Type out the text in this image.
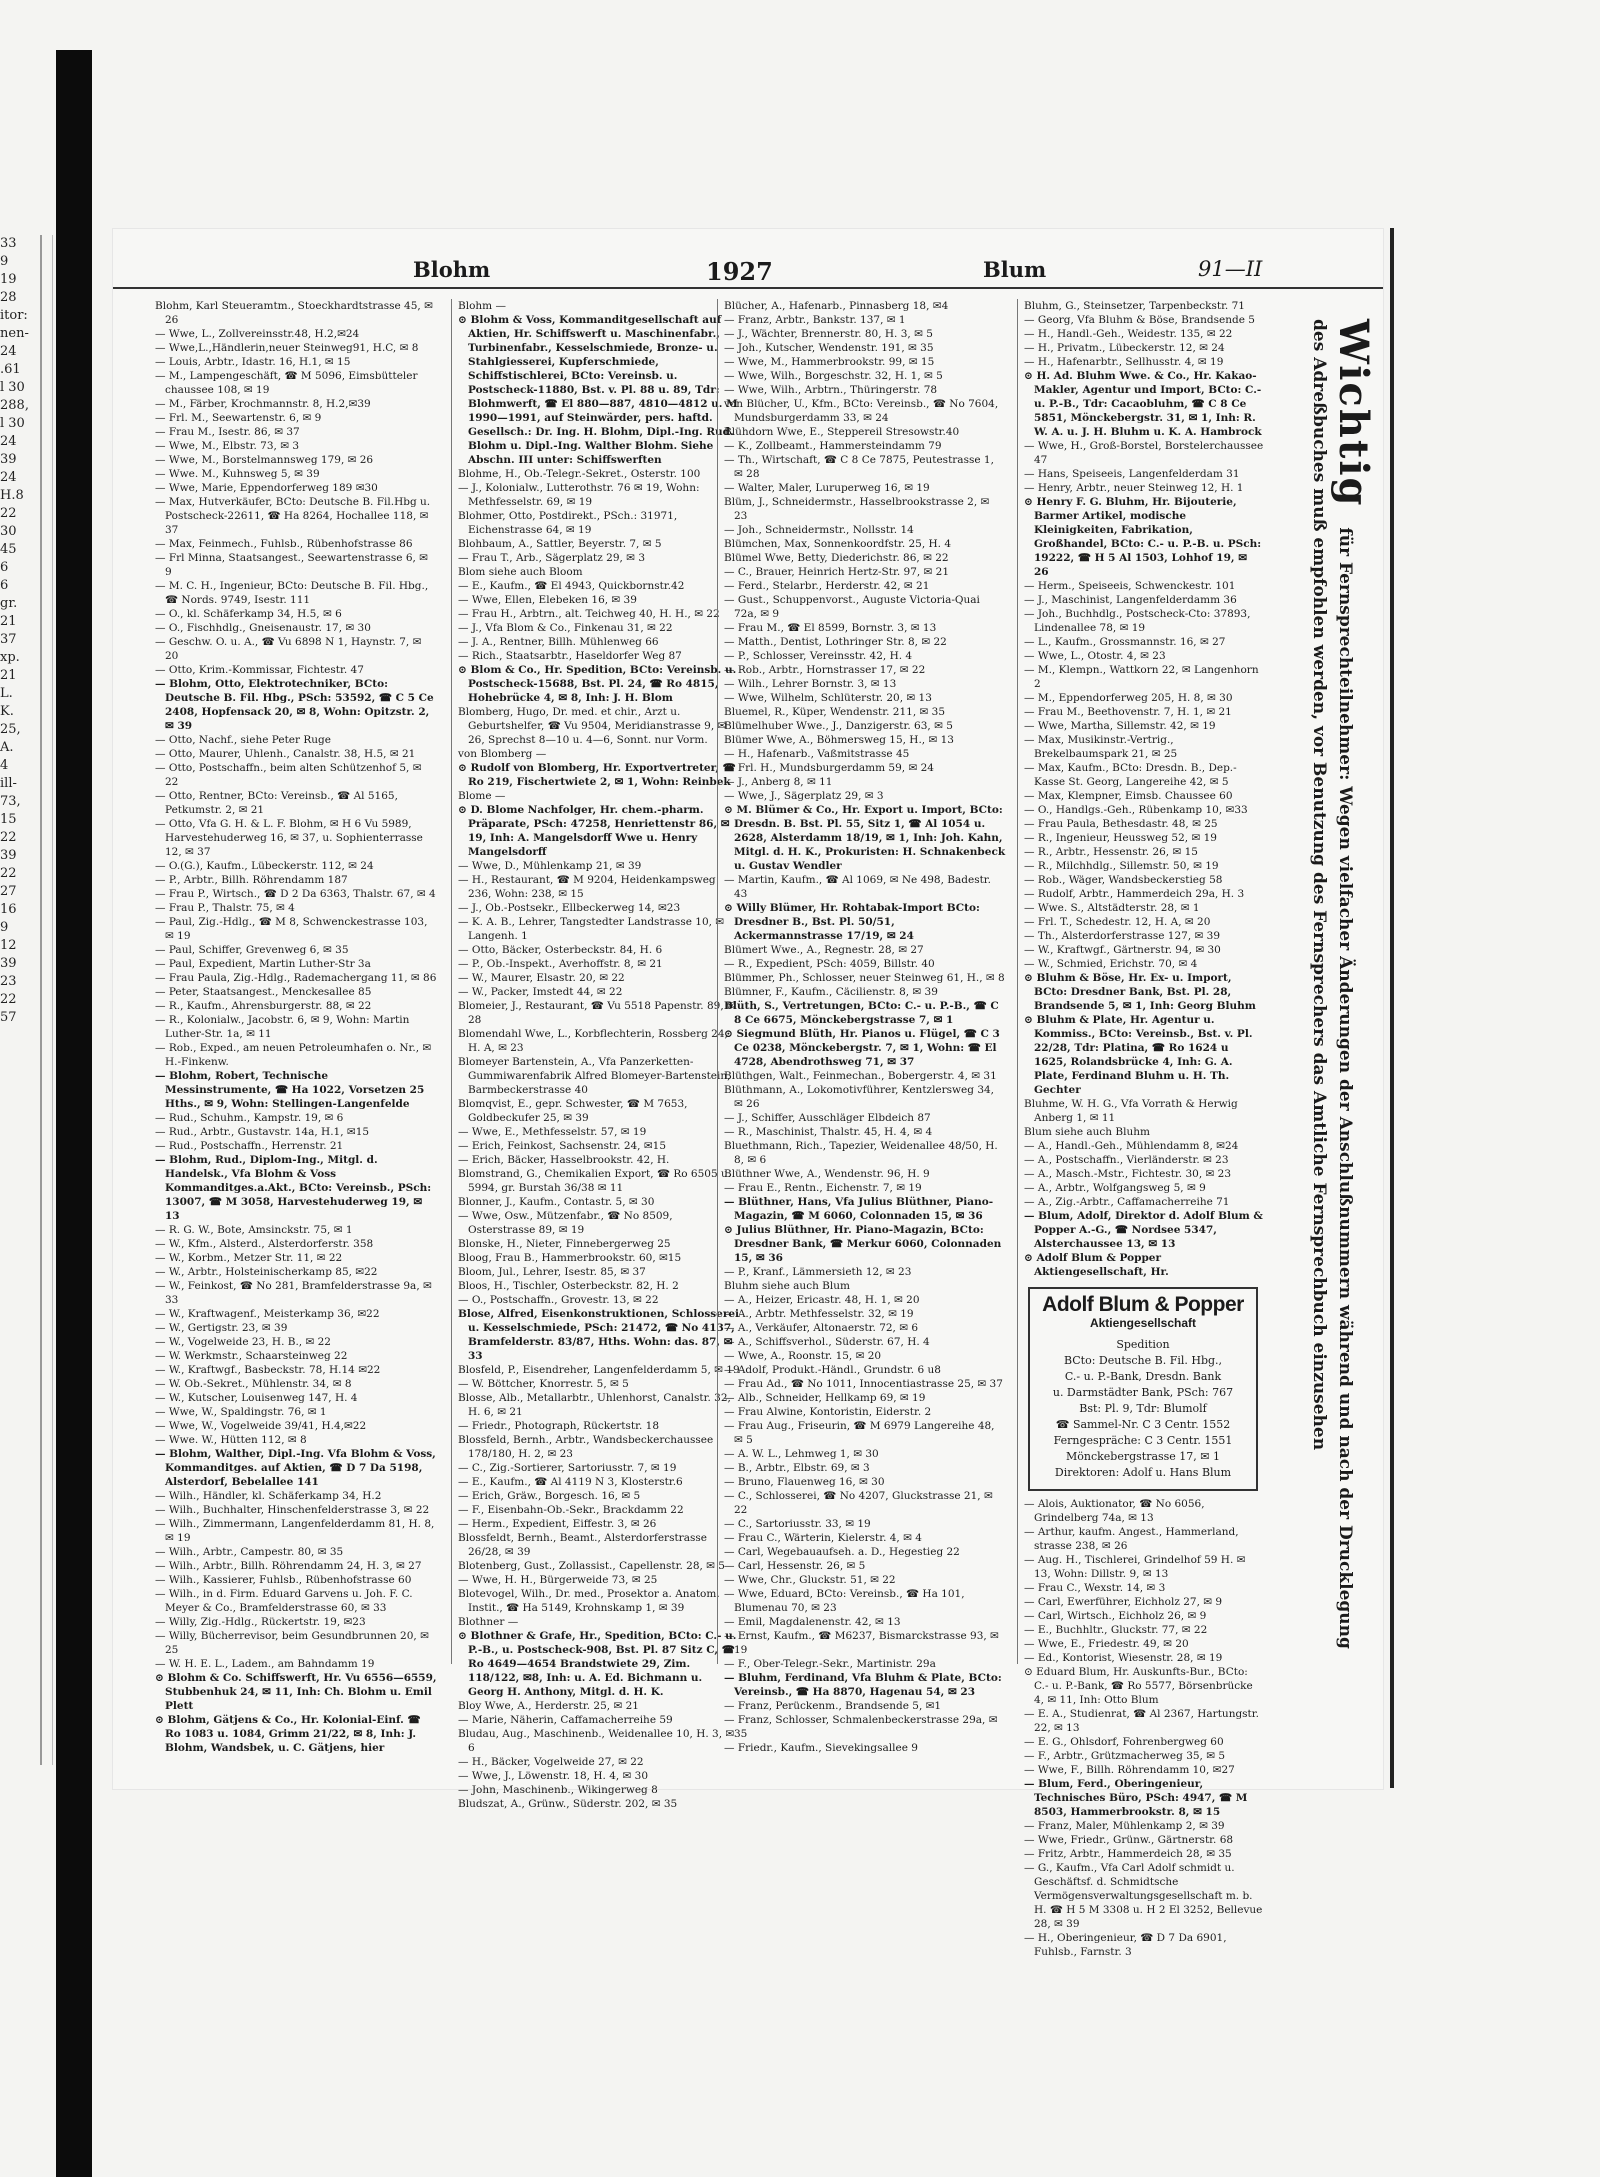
33
9
19
28
itor:
nen-
24
.61
l 30
288,
l 30
24
39
24
H.8
22
30
45
6
6
gr.
21
37
xp.
21
L.
K.
25,
A.
4
ill-
73,
15
22
39
22
27
16
9
12
39
23
22
57
Blohm	1927	Blum	91—II

Blohm, Karl Steueramtm., Stoeckhardtstrasse 45, ✉ 26

— Wwe, L., Zollvereinsstr.48, H.2,✉24

— Wwe,L.,Händlerin,neuer Steinweg91, H.C, ✉ 8

— Louis, Arbtr., Idastr. 16, H.1, ✉ 15

— M., Lampengeschäft, ☎ M 5096, Eimsbütteler chaussee 108, ✉ 19

— M., Färber, Krochmannstr. 8, H.2,✉39

— Frl. M., Seewartenstr. 6, ✉ 9

— Frau M., Isestr. 86, ✉ 37

— Wwe, M., Elbstr. 73, ✉ 3

— Wwe, M., Borstelmannsweg 179, ✉ 26

— Wwe. M., Kuhnsweg 5, ✉ 39

— Wwe, Marie, Eppendorferweg 189 ✉30

— Max, Hutverkäufer, BCto: Deutsche B. Fil.Hbg u. Postscheck-22611, ☎ Ha 8264, Hochallee 118, ✉ 37

— Max, Feinmech., Fuhlsb., Rübenhofstrasse 86

— Frl Minna, Staatsangest., Seewartenstrasse 6, ✉ 9

— M. C. H., Ingenieur, BCto: Deutsche B. Fil. Hbg., ☎ Nords. 9749, Isestr. 111

— O., kl. Schäferkamp 34, H.5, ✉ 6

— O., Fischhdlg., Gneisenaustr. 17, ✉ 30

— Geschw. O. u. A., ☎ Vu 6898 N 1, Haynstr. 7, ✉ 20

— Otto, Krim.-Kommissar, Fichtestr. 47

— Blohm, Otto, Elektrotechniker, BCto: Deutsche B. Fil. Hbg., PSch: 53592, ☎ C 5 Ce 2408, Hopfensack 20, ✉ 8, Wohn: Opitzstr. 2, ✉ 39

— Otto, Nachf., siehe Peter Ruge

— Otto, Maurer, Uhlenh., Canalstr. 38, H.5, ✉ 21

— Otto, Postschaffn., beim alten Schützenhof 5, ✉ 22

— Otto, Rentner, BCto: Vereinsb., ☎ Al 5165, Petkumstr. 2, ✉ 21

— Otto, Vfa G. H. & L. F. Blohm, ✉ H 6 Vu 5989, Harvestehuderweg 16, ✉ 37, u. Sophienterrasse 12, ✉ 37

— O.(G.), Kaufm., Lübeckerstr. 112, ✉ 24

— P., Arbtr., Billh. Röhrendamm 187

— Frau P., Wirtsch., ☎ D 2 Da 6363, Thalstr. 67, ✉ 4

— Frau P., Thalstr. 75, ✉ 4

— Paul, Zig.-Hdlg., ☎ M 8, Schwenckestrasse 103, ✉ 19

— Paul, Schiffer, Grevenweg 6, ✉ 35

— Paul, Expedient, Martin Luther-Str 3a

— Frau Paula, Zig.-Hdlg., Rademachergang 11, ✉ 86

— Peter, Staatsangest., Menckesallee 85

— R., Kaufm., Ahrensburgerstr. 88, ✉ 22

— R., Kolonialw., Jacobstr. 6, ✉ 9, Wohn: Martin Luther-Str. 1a, ✉ 11

— Rob., Exped., am neuen Petroleumhafen o. Nr., ✉ H.-Finkenw.

— Blohm, Robert, Technische Messinstrumente, ☎ Ha 1022, Vorsetzen 25 Hths., ✉ 9, Wohn: Stellingen-Langenfelde

— Rud., Schuhm., Kampstr. 19, ✉ 6

— Rud., Arbtr., Gustavstr. 14a, H.1, ✉15

— Rud., Postschaffn., Herrenstr. 21

— Blohm, Rud., Diplom-Ing., Mitgl. d. Handelsk., Vfa Blohm & Voss Kommanditges.a.Akt., BCto: Vereinsb., PSch: 13007, ☎ M 3058, Harvestehuderweg 19, ✉ 13

— R. G. W., Bote, Amsinckstr. 75, ✉ 1

— W., Kfm., Alsterd., Alsterdorferstr. 358

— W., Korbm., Metzer Str. 11, ✉ 22

— W., Arbtr., Holsteinischerkamp 85, ✉22

— W., Feinkost, ☎ No 281, Bramfelderstrasse 9a, ✉ 33

— W., Kraftwagenf., Meisterkamp 36, ✉22

— W., Gertigstr. 23, ✉ 39

— W., Vogelweide 23, H. B., ✉ 22

— W. Werkmstr., Schaarsteinweg 22

— W., Kraftwgf., Basbeckstr. 78, H.14 ✉22

— W. Ob.-Sekret., Mühlenstr. 34, ✉ 8

— W., Kutscher, Louisenweg 147, H. 4

— Wwe, W., Spaldingstr. 76, ✉ 1

— Wwe, W., Vogelweide 39/41, H.4,✉22

— Wwe. W., Hütten 112, ✉ 8

— Blohm, Walther, Dipl.-Ing. Vfa Blohm & Voss, Kommanditges. auf Aktien, ☎ D 7 Da 5198, Alsterdorf, Bebelallee 141

— Wilh., Händler, kl. Schäferkamp 34, H.2

— Wilh., Buchhalter, Hinschenfelderstrasse 3, ✉ 22

— Wilh., Zimmermann, Langenfelderdamm 81, H. 8, ✉ 19

— Wilh., Arbtr., Campestr. 80, ✉ 35

— Wilh., Arbtr., Billh. Röhrendamm 24, H. 3, ✉ 27

— Wilh., Kassierer, Fuhlsb., Rübenhofstrasse 60

— Wilh., in d. Firm. Eduard Garvens u. Joh. F. C. Meyer & Co., Bramfelderstrasse 60, ✉ 33

— Willy, Zig.-Hdlg., Rückertstr. 19, ✉23

— Willy, Bücherrevisor, beim Gesundbrunnen 20, ✉ 25

— W. H. E. L., Ladem., am Bahndamm 19

⊙ Blohm & Co. Schiffswerft, Hr. Vu 6556—6559, Stubbenhuk 24, ✉ 11, Inh: Ch. Blohm u. Emil Plett

⊙ Blohm, Gätjens & Co., Hr. Kolonial-Einf. ☎ Ro 1083 u. 1084, Grimm 21/22, ✉ 8, Inh: J. Blohm, Wandsbek, u. C. Gätjens, hier

Blohm —

⊙ Blohm & Voss, Kommanditgesellschaft auf Aktien, Hr. Schiffswerft u. Maschinenfabr., Turbinenfabr., Kesselschmiede, Bronze- u. Stahlgiesserei, Kupferschmiede, Schiffstischlerei, BCto: Vereinsb. u. Postscheck-11880, Bst. v. Pl. 88 u. 89, Tdr: Blohmwerft, ☎ El 880—887, 4810—4812 u. M 1990—1991, auf Steinwärder, pers. haftd. Gesellsch.: Dr. Ing. H. Blohm, Dipl.-Ing. Rud. Blohm u. Dipl.-Ing. Walther Blohm. Siehe Abschn. III unter: Schiffswerften

Blohme, H., Ob.-Telegr.-Sekret., Osterstr. 100

— J., Kolonialw., Lutterothstr. 76 ✉ 19, Wohn: Methfesselstr. 69, ✉ 19

Blohmer, Otto, Postdirekt., PSch.: 31971, Eichenstrasse 64, ✉ 19

Blohbaum, A., Sattler, Beyerstr. 7, ✉ 5

— Frau T., Arb., Sägerplatz 29, ✉ 3

Blom siehe auch Bloom

— E., Kaufm., ☎ El 4943, Quickbornstr.42

— Wwe, Ellen, Elebeken 16, ✉ 39

— Frau H., Arbtrn., alt. Teichweg 40, H. H., ✉ 22

— J., Vfa Blom & Co., Finkenau 31, ✉ 22

— J. A., Rentner, Billh. Mühlenweg 66

— Rich., Staatsarbtr., Haseldorfer Weg 87

⊙ Blom & Co., Hr. Spedition, BCto: Vereinsb. u. Postscheck-15688, Bst. Pl. 24, ☎ Ro 4815, Hohebrücke 4, ✉ 8, Inh: J. H. Blom

Blomberg, Hugo, Dr. med. et chir., Arzt u. Geburtshelfer, ☎ Vu 9504, Meridianstrasse 9, ✉ 26, Sprechst 8—10 u. 4—6, Sonnt. nur Vorm.

von Blomberg —

⊙ Rudolf von Blomberg, Hr. Exportvertreter, ☎ Ro 219, Fischertwiete 2, ✉ 1, Wohn: Reinbek

Blome —

⊙ D. Blome Nachfolger, Hr. chem.-pharm. Präparate, PSch: 47258, Henriettenstr 86, ✉ 19, Inh: A. Mangelsdorff Wwe u. Henry Mangelsdorff

— Wwe, D., Mühlenkamp 21, ✉ 39

— H., Restaurant, ☎ M 9204, Heidenkampsweg 236, Wohn: 238, ✉ 15

— J., Ob.-Postsekr., Ellbeckerweg 14, ✉23

— K. A. B., Lehrer, Tangstedter Landstrasse 10, ✉ Langenh. 1

— Otto, Bäcker, Osterbeckstr. 84, H. 6

— P., Ob.-Inspekt., Averhoffstr. 8, ✉ 21

— W., Maurer, Elsastr. 20, ✉ 22

— W., Packer, Imstedt 44, ✉ 22

Blomeier, J., Restaurant, ☎ Vu 5518 Papenstr. 89, ✉ 28

Blomendahl Wwe, L., Korbflechterin, Rossberg 24, H. A, ✉ 23

Blomeyer Bartenstein, A., Vfa Panzerketten-Gummiwarenfabrik Alfred Blomeyer-Bartenstein, Barmbeckerstrasse 40

Blomqvist, E., gepr. Schwester, ☎ M 7653, Goldbeckufer 25, ✉ 39

— Wwe, E., Methfesselstr. 57, ✉ 19

— Erich, Feinkost, Sachsenstr. 24, ✉15

— Erich, Bäcker, Hasselbrookstr. 42, H.

Blomstrand, G., Chemikalien Export, ☎ Ro 6505 u. 5994, gr. Burstah 36/38 ✉ 11

Blonner, J., Kaufm., Contastr. 5, ✉ 30

— Wwe, Osw., Mützenfabr., ☎ No 8509, Osterstrasse 89, ✉ 19

Blonske, H., Nieter, Finnebergerweg 25

Bloog, Frau B., Hammerbrookstr. 60, ✉15

Bloom, Jul., Lehrer, Isestr. 85, ✉ 37

Bloos, H., Tischler, Osterbeckstr. 82, H. 2

— O., Postschaffn., Grovestr. 13, ✉ 22

Blose, Alfred, Eisenkonstruktionen, Schlosserei u. Kesselschmiede, PSch: 21472, ☎ No 4137, Bramfelderstr. 83/87, Hths. Wohn: das. 87, ✉ 33

Blosfeld, P., Eisendreher, Langenfelderdamm 5, ✉ 19

— W. Böttcher, Knorrestr. 5, ✉ 5

Blosse, Alb., Metallarbtr., Uhlenhorst, Canalstr. 32, H. 6, ✉ 21

— Friedr., Photograph, Rückertstr. 18

Blossfeld, Bernh., Arbtr., Wandsbeckerchaussee 178/180, H. 2, ✉ 23

— C., Zig.-Sortierer, Sartoriusstr. 7, ✉ 19

— E., Kaufm., ☎ Al 4119 N 3, Klosterstr.6

— Erich, Gräw., Borgesch. 16, ✉ 5

— F., Eisenbahn-Ob.-Sekr., Brackdamm 22

— Herm., Expedient, Eiffestr. 3, ✉ 26

Blossfeldt, Bernh., Beamt., Alsterdorferstrasse 26/28, ✉ 39

Blotenberg, Gust., Zollassist., Capellenstr. 28, ✉ 5

— Wwe, H. H., Bürgerweide 73, ✉ 25

Blotevogel, Wilh., Dr. med., Prosektor a. Anatom. Instit., ☎ Ha 5149, Krohnskamp 1, ✉ 39

Blothner —

⊙ Blothner & Grafe, Hr., Spedition, BCto: C.- u. P.-B., u. Postscheck-908, Bst. Pl. 87 Sitz C, ☎ Ro 4649—4654 Brandstwiete 29, Zim. 118/122, ✉8, Inh: u. A. Ed. Bichmann u. Georg H. Anthony, Mitgl. d. H. K.

Bloy Wwe, A., Herderstr. 25, ✉ 21

— Marie, Näherin, Caffamacherreihe 59

Bludau, Aug., Maschinenb., Weidenallee 10, H. 3, ✉ 6

— H., Bäcker, Vogelweide 27, ✉ 22

— Wwe, J., Löwenstr. 18, H. 4, ✉ 30

— John, Maschinenb., Wikingerweg 8

Bludszat, A., Grünw., Süderstr. 202, ✉ 35

Blücher, A., Hafenarb., Pinnasberg 18, ✉4

— Franz, Arbtr., Bankstr. 137, ✉ 1

— J., Wächter, Brennerstr. 80, H. 3, ✉ 5

— Joh., Kutscher, Wendenstr. 191, ✉ 35

— Wwe, M., Hammerbrookstr. 99, ✉ 15

— Wwe, Wilh., Borgeschstr. 32, H. 1, ✉ 5

— Wwe, Wilh., Arbtrn., Thüringerstr. 78

von Blücher, U., Kfm., BCto: Vereinsb., ☎ No 7604, Mundsburgerdamm 33, ✉ 24

Blühdorn Wwe, E., Steppereil Stresowstr.40

— K., Zollbeamt., Hammersteindamm 79

— Th., Wirtschaft, ☎ C 8 Ce 7875, Peutestrasse 1, ✉ 28

— Walter, Maler, Luruperweg 16, ✉ 19

Blüm, J., Schneidermstr., Hasselbrookstrasse 2, ✉ 23

— Joh., Schneidermstr., Nollsstr. 14

Blümchen, Max, Sonnenkoordfstr. 25, H. 4

Blümel Wwe, Betty, Diederichstr. 86, ✉ 22

— C., Brauer, Heinrich Hertz-Str. 97, ✉ 21

— Ferd., Stelarbr., Herderstr. 42, ✉ 21

— Gust., Schuppenvorst., Auguste Victoria-Quai 72a, ✉ 9

— Frau M., ☎ El 8599, Bornstr. 3, ✉ 13

— Matth., Dentist, Lothringer Str. 8, ✉ 22

— P., Schlosser, Vereinsstr. 42, H. 4

— Rob., Arbtr., Hornstrasser 17, ✉ 22

— Wilh., Lehrer Bornstr. 3, ✉ 13

— Wwe, Wilhelm, Schlüterstr. 20, ✉ 13

Bluemel, R., Küper, Wendenstr. 211, ✉ 35

Blümelhuber Wwe., J., Danzigerstr. 63, ✉ 5

Blümer Wwe, A., Böhmersweg 15, H., ✉ 13

— H., Hafenarb., Vaßmitstrasse 45

— Frl. H., Mundsburgerdamm 59, ✉ 24

— J., Anberg 8, ✉ 11

— Wwe, J., Sägerplatz 29, ✉ 3

⊙ M. Blümer & Co., Hr. Export u. Import, BCto: Dresdn. B. Bst. Pl. 55, Sitz 1, ☎ Al 1054 u. 2628, Alsterdamm 18/19, ✉ 1, Inh: Joh. Kahn, Mitgl. d. H. K., Prokuristen: H. Schnakenbeck u. Gustav Wendler

— Martin, Kaufm., ☎ Al 1069, ✉ Ne 498, Badestr. 43

⊙ Willy Blümer, Hr. Rohtabak-Import BCto: Dresdner B., Bst. Pl. 50/51, Ackermannstrasse 17/19, ✉ 24

Blümert Wwe., A., Regnestr. 28, ✉ 27

— R., Expedient, PSch: 4059, Billstr. 40

Blümmer, Ph., Schlosser, neuer Steinweg 61, H., ✉ 8

Blümner, F., Kaufm., Cäcilienstr. 8, ✉ 39

Blüth, S., Vertretungen, BCto: C.- u. P.-B., ☎ C 8 Ce 6675, Mönckebergstrasse 7, ✉ 1

⊙ Siegmund Blüth, Hr. Pianos u. Flügel, ☎ C 3 Ce 0238, Mönckebergstr. 7, ✉ 1, Wohn: ☎ El 4728, Abendrothsweg 71, ✉ 37

Blüthgen, Walt., Feinmechan., Bobergerstr. 4, ✉ 31

Blüthmann, A., Lokomotivführer, Kentzlersweg 34, ✉ 26

— J., Schiffer, Ausschläger Elbdeich 87

— R., Maschinist, Thalstr. 45, H. 4, ✉ 4

Bluethmann, Rich., Tapezier, Weidenallee 48/50, H. 8, ✉ 6

Blüthner Wwe, A., Wendenstr. 96, H. 9

— Frau E., Rentn., Eichenstr. 7, ✉ 19

— Blüthner, Hans, Vfa Julius Blüthner, Piano-Magazin, ☎ M 6060, Colonnaden 15, ✉ 36

⊙ Julius Blüthner, Hr. Piano-Magazin, BCto: Dresdner Bank, ☎ Merkur 6060, Colonnaden 15, ✉ 36

— P., Kranf., Lämmersieth 12, ✉ 23

Bluhm siehe auch Blum

— A., Heizer, Ericastr. 48, H. 1, ✉ 20

— A., Arbtr. Methfesselstr. 32, ✉ 19

— A., Verkäufer, Altonaerstr. 72, ✉ 6

— A., Schiffsverhol., Süderstr. 67, H. 4

— Wwe, A., Roonstr. 15, ✉ 20

— Adolf, Produkt.-Händl., Grundstr. 6 u8

— Frau Ad., ☎ No 1011, Innocentiastrasse 25, ✉ 37

— Alb., Schneider, Hellkamp 69, ✉ 19

— Frau Alwine, Kontoristin, Eiderstr. 2

— Frau Aug., Friseurin, ☎ M 6979 Langereihe 48, ✉ 5

— A. W. L., Lehmweg 1, ✉ 30

— B., Arbtr., Elbstr. 69, ✉ 3

— Bruno, Flauenweg 16, ✉ 30

— C., Schlosserei, ☎ No 4207, Gluckstrasse 21, ✉ 22

— C., Sartoriusstr. 33, ✉ 19

— Frau C., Wärterin, Kielerstr. 4, ✉ 4

— Carl, Wegebauaufseh. a. D., Hegestieg 22

— Carl, Hessenstr. 26, ✉ 5

— Wwe, Chr., Gluckstr. 51, ✉ 22

— Wwe, Eduard, BCto: Vereinsb., ☎ Ha 101, Blumenau 70, ✉ 23

— Emil, Magdalenenstr. 42, ✉ 13

— Ernst, Kaufm., ☎ M6237, Bismarckstrasse 93, ✉ 19

— F., Ober-Telegr.-Sekr., Martinistr. 29a

— Bluhm, Ferdinand, Vfa Bluhm & Plate, BCto: Vereinsb., ☎ Ha 8870, Hagenau 54, ✉ 23

— Franz, Perückenm., Brandsende 5, ✉1

— Franz, Schlosser, Schmalenbeckerstrasse 29a, ✉ 35

— Friedr., Kaufm., Sievekingsallee 9

Bluhm, G., Steinsetzer, Tarpenbeckstr. 71

— Georg, Vfa Bluhm & Böse, Brandsende 5

— H., Handl.-Geh., Weidestr. 135, ✉ 22

— H., Privatm., Lübeckerstr. 12, ✉ 24

— H., Hafenarbtr., Sellhusstr. 4, ✉ 19

⊙ H. Ad. Bluhm Wwe. & Co., Hr. Kakao-Makler, Agentur und Import, BCto: C.- u. P.-B., Tdr: Cacaobluhm, ☎ C 8 Ce 5851, Mönckebergstr. 31, ✉ 1, Inh: R. W. A. u. J. H. Bluhm u. K. A. Hambrock

— Wwe, H., Groß-Borstel, Borstelerchaussee 47

— Hans, Speiseeis, Langenfelderdam 31

— Henry, Arbtr., neuer Steinweg 12, H. 1

⊙ Henry F. G. Bluhm, Hr. Bijouterie, Barmer Artikel, modische Kleinigkeiten, Fabrikation, Großhandel, BCto: C.- u. P.-B. u. PSch: 19222, ☎ H 5 Al 1503, Lohhof 19, ✉ 26

— Herm., Speiseeis, Schwenckestr. 101

— J., Maschinist, Langenfelderdamm 36

— Joh., Buchhdlg., Postscheck-Cto: 37893, Lindenallee 78, ✉ 19

— L., Kaufm., Grossmannstr. 16, ✉ 27

— Wwe, L., Otostr. 4, ✉ 23

— M., Klempn., Wattkorn 22, ✉ Langenhorn 2

— M., Eppendorferweg 205, H. 8, ✉ 30

— Frau M., Beethovenstr. 7, H. 1, ✉ 21

— Wwe, Martha, Sillemstr. 42, ✉ 19

— Max, Musikinstr.-Vertrig., Brekelbaumspark 21, ✉ 25

— Max, Kaufm., BCto: Dresdn. B., Dep.-Kasse St. Georg, Langereihe 42, ✉ 5

— Max, Klempner, Eimsb. Chaussee 60

— O., Handlgs.-Geh., Rübenkamp 10, ✉33

— Frau Paula, Bethesdastr. 48, ✉ 25

— R., Ingenieur, Heussweg 52, ✉ 19

— R., Arbtr., Hessenstr. 26, ✉ 15

— R., Milchhdlg., Sillemstr. 50, ✉ 19

— Rob., Wäger, Wandsbeckerstieg 58

— Rudolf, Arbtr., Hammerdeich 29a, H. 3

— Wwe. S., Altstädterstr. 28, ✉ 1

— Frl. T., Schedestr. 12, H. A, ✉ 20

— Th., Alsterdorferstrasse 127, ✉ 39

— W., Kraftwgf., Gärtnerstr. 94, ✉ 30

— W., Schmied, Erichstr. 70, ✉ 4

⊙ Bluhm & Böse, Hr. Ex- u. Import, BCto: Dresdner Bank, Bst. Pl. 28, Brandsende 5, ✉ 1, Inh: Georg Bluhm

⊙ Bluhm & Plate, Hr. Agentur u. Kommiss., BCto: Vereinsb., Bst. v. Pl. 22/28, Tdr: Platina, ☎ Ro 1624 u 1625, Rolandsbrücke 4, Inh: G. A. Plate, Ferdinand Bluhm u. H. Th. Gechter

Bluhme, W. H. G., Vfa Vorrath & Herwig Anberg 1, ✉ 11

Blum siehe auch Bluhm

— A., Handl.-Geh., Mühlendamm 8, ✉24

— A., Postschaffn., Vierländerstr. ✉ 23

— A., Masch.-Mstr., Fichtestr. 30, ✉ 23

— A., Arbtr., Wolfgangsweg 5, ✉ 9

— A., Zig.-Arbtr., Caffamacherreihe 71

— Blum, Adolf, Direktor d. Adolf Blum & Popper A.-G., ☎ Nordsee 5347, Alsterchaussee 13, ✉ 13

⊙ Adolf Blum & Popper Aktiengesellschaft, Hr.

Adolf Blum & Popper
Aktiengesellschaft
Spedition
BCto: Deutsche B. Fil. Hbg.,
C.- u. P.-Bank, Dresdn. Bank
u. Darmstädter Bank, PSch: 767
Bst: Pl. 9, Tdr: Blumolf
☎ Sammel-Nr. C 3 Centr. 1552
Ferngespräche: C 3 Centr. 1551
Mönckebergstrasse 17, ✉ 1
Direktoren: Adolf u. Hans Blum

— Alois, Auktionator, ☎ No 6056, Grindelberg 74a, ✉ 13

— Arthur, kaufm. Angest., Hammerland, strasse 238, ✉ 26

— Aug. H., Tischlerei, Grindelhof 59 H. ✉ 13, Wohn: Dillstr. 9, ✉ 13

— Frau C., Wexstr. 14, ✉ 3

— Carl, Ewerführer, Eichholz 27, ✉ 9

— Carl, Wirtsch., Eichholz 26, ✉ 9

— E., Buchhltr., Gluckstr. 77, ✉ 22

— Wwe, E., Friedestr. 49, ✉ 20

— Ed., Kontorist, Wiesenstr. 28, ✉ 19

⊙ Eduard Blum, Hr. Auskunfts-Bur., BCto: C.- u. P.-Bank, ☎ Ro 5577, Börsenbrücke 4, ✉ 11, Inh: Otto Blum

— E. A., Studienrat, ☎ Al 2367, Hartungstr. 22, ✉ 13

— E. G., Ohlsdorf, Fohrenbergweg 60

— F., Arbtr., Grützmacherweg 35, ✉ 5

— Wwe, F., Billh. Röhrendamm 10, ✉27

— Blum, Ferd., Oberingenieur, Technisches Büro, PSch: 4947, ☎ M 8503, Hammerbrookstr. 8, ✉ 15

— Franz, Maler, Mühlenkamp 2, ✉ 39

— Wwe, Friedr., Grünw., Gärtnerstr. 68

— Fritz, Arbtr., Hammerdeich 28, ✉ 35

— G., Kaufm., Vfa Carl Adolf schmidt u. Geschäftsf. d. Schmidtsche Vermögensverwaltungsgesellschaft m. b. H. ☎ H 5 M 3308 u. H 2 El 3252, Bellevue 28, ✉ 39

— H., Oberingenieur, ☎ D 7 Da 6901, Fuhlsb., Farnstr. 3

Wichtig für Fernsprechteilnehmer: Wegen vielfacher Änderungen der Anschlußnummern während und nach der Drucklegung
des Adreßbuches muß empfohlen werden, vor Benutzung des Fernsprechers das Amtliche Fernsprechbuch einzusehen
